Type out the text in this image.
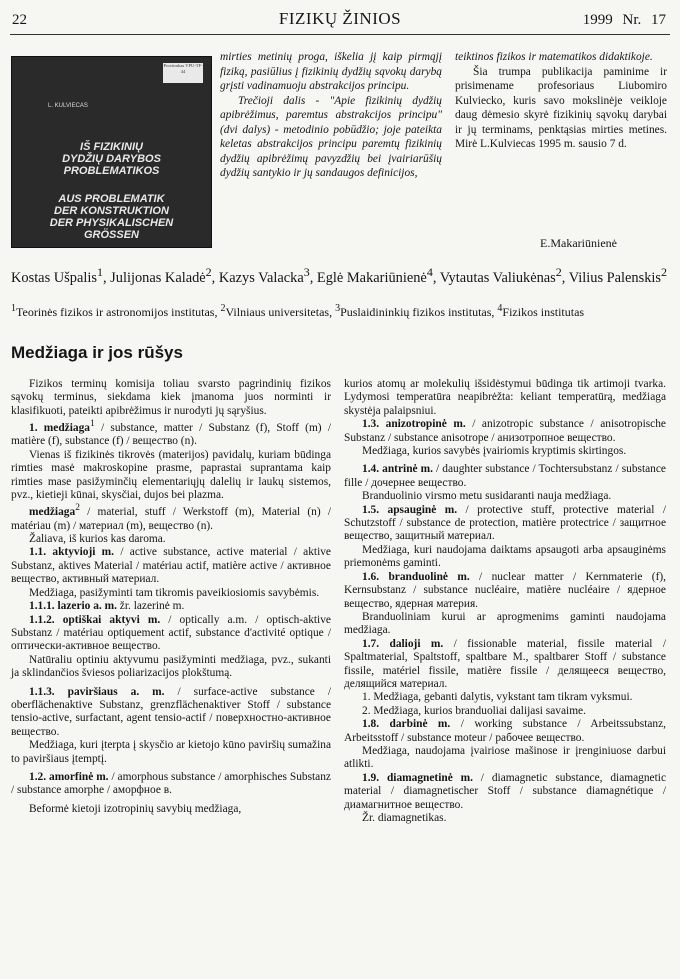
22	FIZIKŲ ŽINIOS	1999 Nr. 17
Provitrukas VPU-TF-44
L. KULVIECAS
IŠ FIZIKINIŲ
DYDŽIŲ DARYBOS
PROBLEMATIKOS
AUS PROBLEMATIK
DER KONSTRUKTION
DER PHYSIKALISCHEN
GRÖSSEN

mirties metinių proga, iškelia jį kaip pirmąjį fiziką, pasiūlius į fizikinių dydžių sąvokų darybą grįsti vadinamuoju abstrakcijos principu.

Trečioji dalis - "Apie fizikinių dydžių apibrėžimus, paremtus abstrakcijos principu" (dvi dalys) - metodinio pobūdžio; joje pateikta keletas abstrakcijos principu paremtų fizikinių dydžių apibrėžimų pavyzdžių bei įvairiarūšių dydžių santykio ir jų sandaugos definicijos,

teiktinos fizikos ir matematikos didaktikoje.

Šia trumpa publikacija paminime ir prisimename profesoriaus Liubomiro Kulviecko, kuris savo mokslinėje veikloje daug dėmesio skyrė fizikinių sąvokų darybai ir jų terminams, penktąsias mirties metines. Mirė L.Kulviecas 1995 m. sausio 7 d.

E.Makariūnienė
Kostas Ušpalis$^1$, Julijonas Kaladė$^2$, Kazys Valacka$^3$, Eglė Makariūnienė$^4$, Vytautas Valiukėnas$^2$, Vilius Palenskis$^2$
$^1$Teorinės fizikos ir astronomijos institutas, $^2$Vilniaus universitetas, $^3$Puslaidininkių fizikos institutas, $^4$Fizikos institutas
Medžiaga ir jos rūšys

Fizikos terminų komisija toliau svarsto pagrindinių fizikos sąvokų terminus, siekdama kiek įmanoma juos norminti ir klasifikuoti, pateikti apibrėžimus ir nurodyti jų sąryšius.

1. medžiaga$^1$ / substance, matter / Substanz (f), Stoff (m) / matière (f), substance (f) / вещество (n).

Vienas iš fizikinės tikrovės (materijos) pavidalų, kuriam būdinga rimties masė makroskopine prasme, paprastai suprantama kaip rimties mase pasižyminčių elementariųjų dalelių ir laukų sistemos, pvz., kietieji kūnai, skysčiai, dujos bei plazma.

medžiaga$^2$ / material, stuff / Werkstoff (m), Material (n) / matériau (m) / материал (m), вещество (n).

Žaliava, iš kurios kas daroma.

1.1. aktyvioji m. / active substance, active material / aktive Substanz, aktives Material / matériau actif, matière active / активное вещество, активный материал.

Medžiaga, pasižyminti tam tikromis paveikiosiomis savybėmis.

1.1.1. lazerio a. m. žr. lazerinė m.

1.1.2. optiškai aktyvi m. / optically a.m. / optisch-aktive Substanz / matériau optiquement actif, substance d'activité optique / оптически-активное вещество.

Natūraliu optiniu aktyvumu pasižyminti medžiaga, pvz., sukanti ja sklindančios šviesos poliarizacijos plokštumą.

1.1.3. paviršiaus a. m. / surface-active substance / oberflächenaktive Substanz, grenzflächenaktiver Stoff / substance tensio-active, surfactant, agent tensio-actif / поверхностно-активное вещество.

Medžiaga, kuri įterpta į skysčio ar kietojo kūno paviršių sumažina to paviršiaus įtemptį.

1.2. amorfinė m. / amorphous substance / amorphisches Substanz / substance amorphe / аморфное в.

Beformė kietoji izotropinių savybių medžiaga,

kurios atomų ar molekulių išsidėstymui būdinga tik artimoji tvarka. Lydymosi temperatūra neapibrėžta: keliant temperatūrą, medžiaga skystėja palaipsniui.

1.3. anizotropinė m. / anizotropic substance / anisotropische Substanz / substance anisotrope / анизотропное вещество.

Medžiaga, kurios savybės įvairiomis kryptimis skirtingos.

1.4. antrinė m. / daughter substance / Tochtersubstanz / substance fille / дочернее вещество.

Branduolinio virsmo metu susidaranti nauja medžiaga.

1.5. apsauginė m. / protective stuff, protective material / Schutzstoff / substance de protection, matière protectrice / защитное вещество, защитный материал.

Medžiaga, kuri naudojama daiktams apsaugoti arba apsauginėms priemonėms gaminti.

1.6. branduolinė m. / nuclear matter / Kernmaterie (f), Kernsubstanz / substance nucléaire, matière nucléaire / ядерное вещество, ядерная материя.

Branduoliniam kurui ar aprogmenims gaminti naudojama medžiaga.

1.7. dalioji m. / fissionable material, fissile material / Spaltmaterial, Spaltstoff, spaltbare M., spaltbarer Stoff / substance fissile, matériel fissile, matière fissile / делящееся вещество, делящийся материал.

1. Medžiaga, gebanti dalytis, vykstant tam tikram vyksmui.

2. Medžiaga, kurios branduoliai dalijasi savaime.

1.8. darbinė m. / working substance / Arbeitssubstanz, Arbeitsstoff / substance moteur / рабочее вещество.

Medžiaga, naudojama įvairiose mašinose ir įrenginiuose darbui atlikti.

1.9. diamagnetinė m. / diamagnetic substance, diamagnetic material / diamagnetischer Stoff / substance diamagnétique / диамагнитное вещество.

Žr. diamagnetikas.
